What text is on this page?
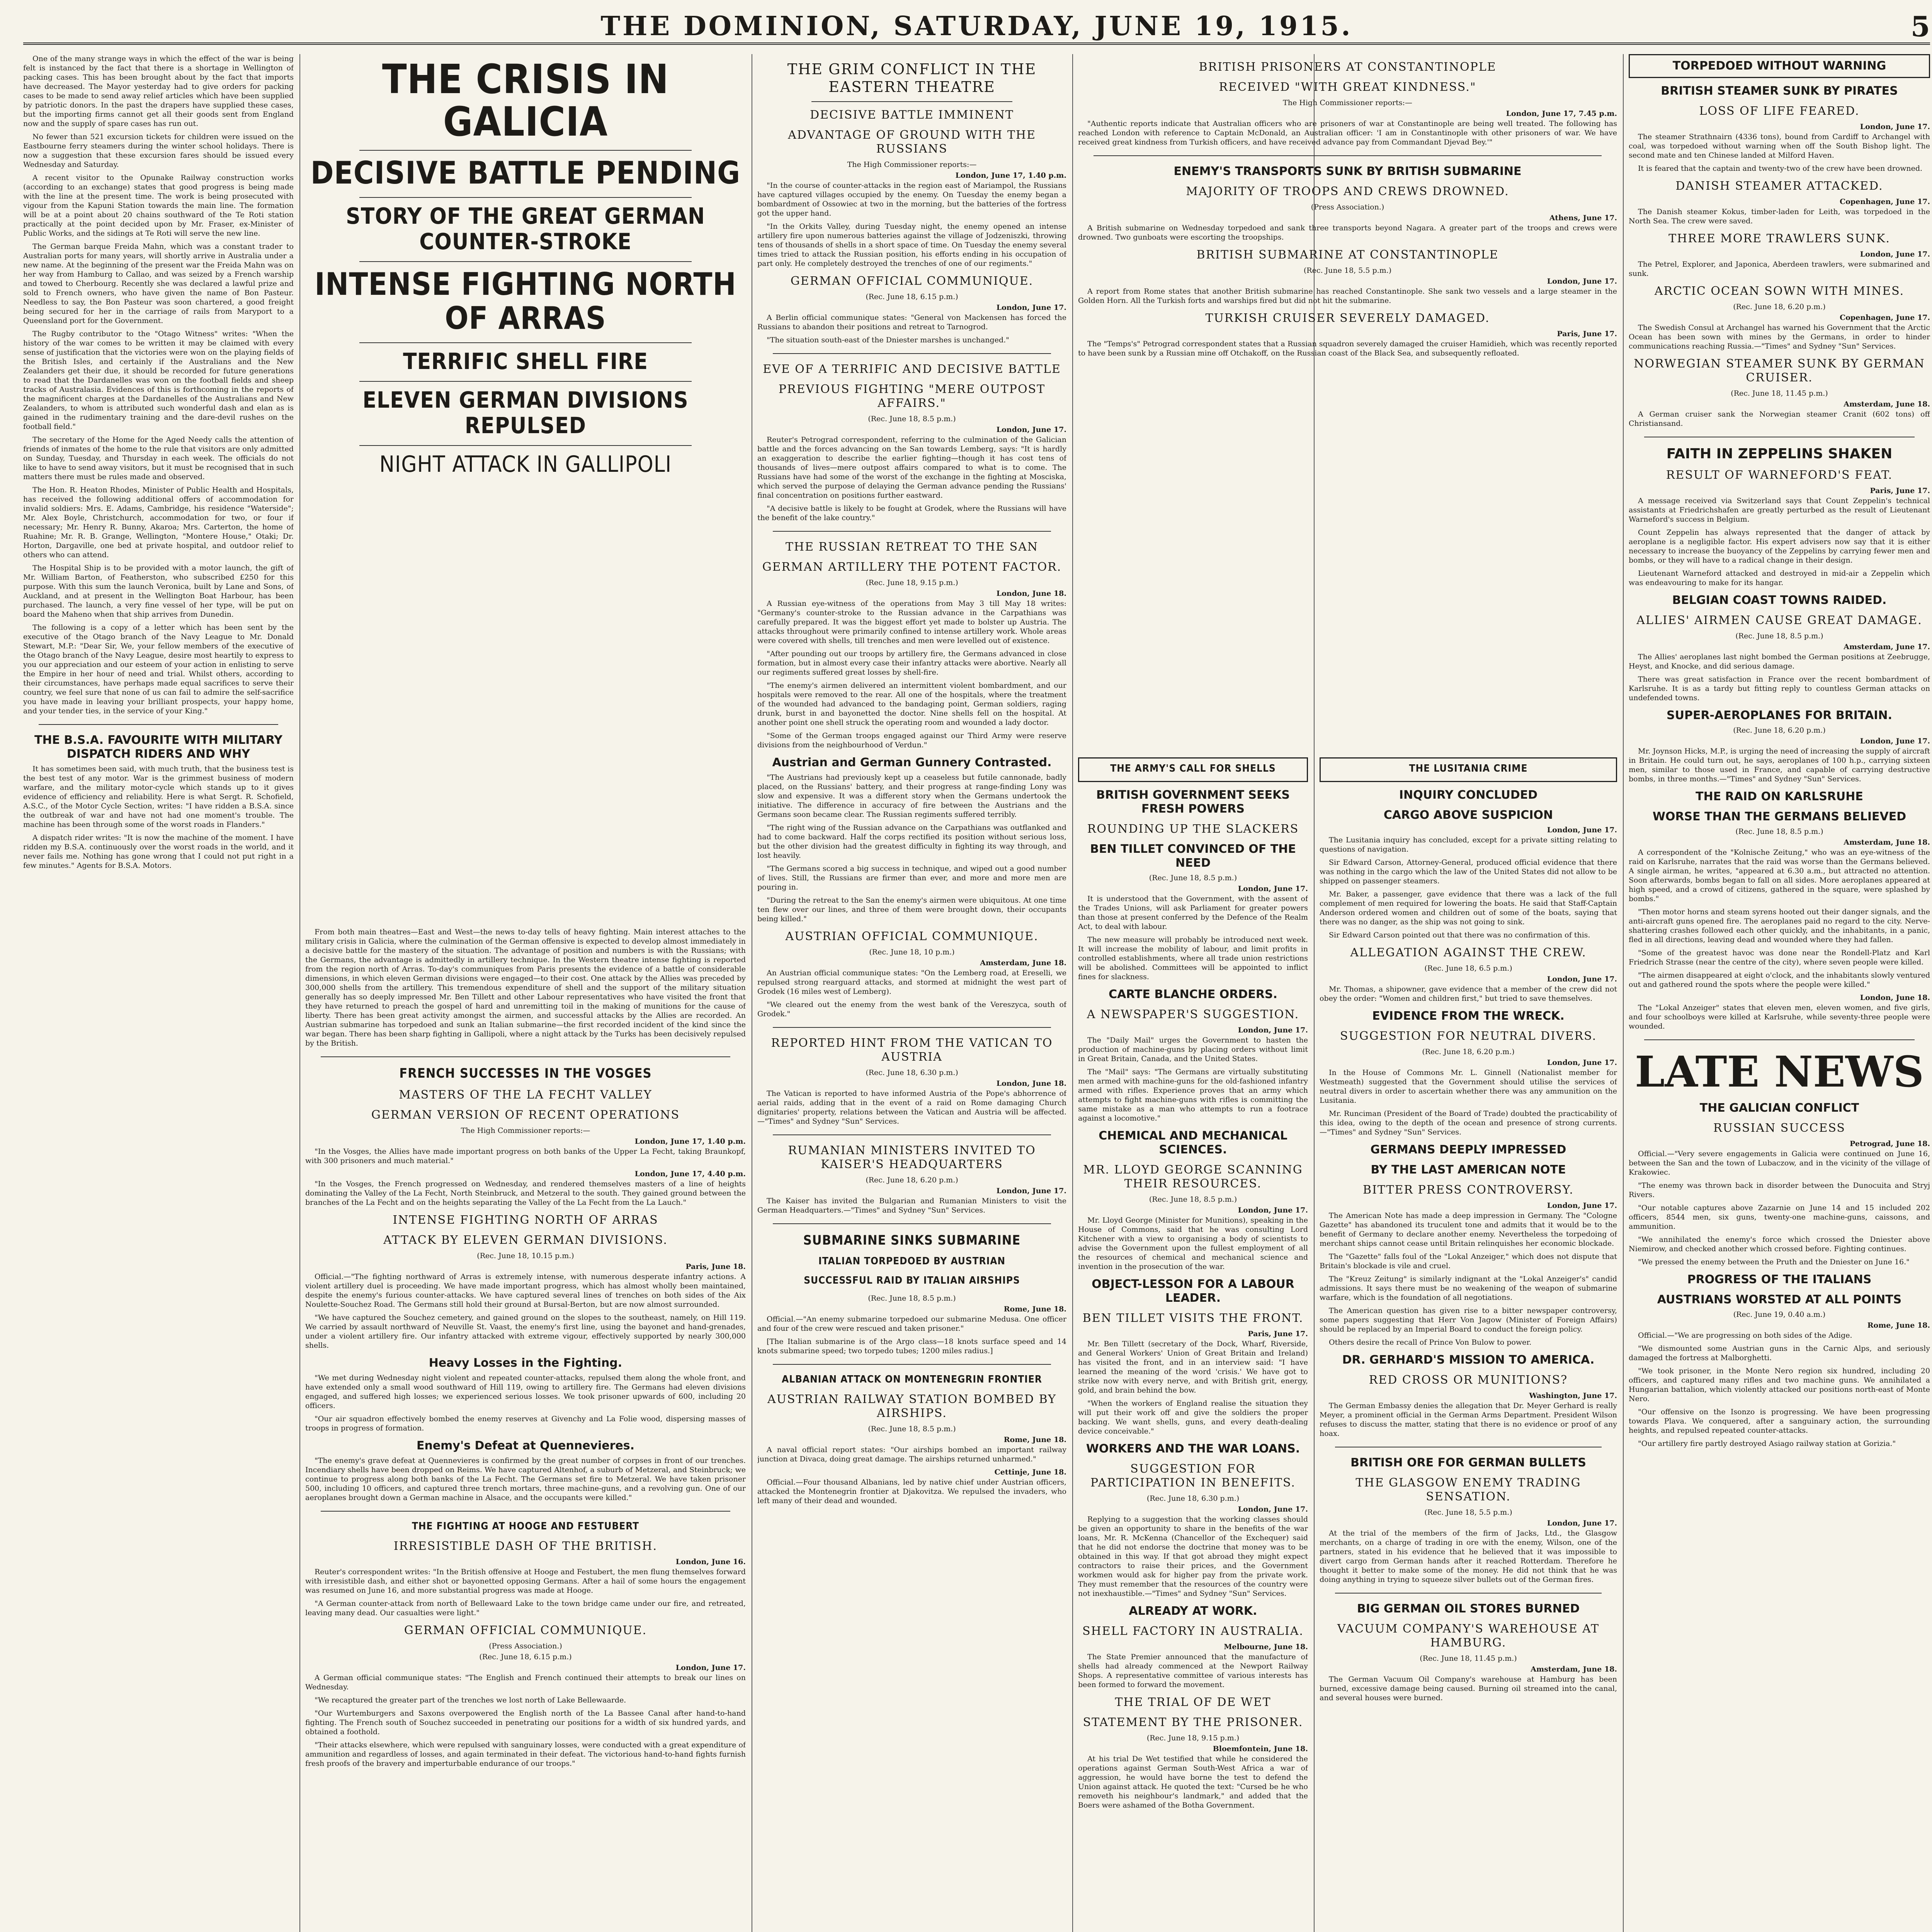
THE DOMINION, SATURDAY, JUNE 19, 1915.	5

One of the many strange ways in which the effect of the war is being felt is instanced by the fact that there is a shortage in Wellington of packing cases. This has been brought about by the fact that imports have decreased. The Mayor yesterday had to give orders for packing cases to be made to send away relief articles which have been supplied by patriotic donors. In the past the drapers have supplied these cases, but the importing firms cannot get all their goods sent from England now and the supply of spare cases has run out.

No fewer than 521 excursion tickets for children were issued on the Eastbourne ferry steamers during the winter school holidays. There is now a suggestion that these excursion fares should be issued every Wednesday and Saturday.

A recent visitor to the Opunake Railway construction works (according to an exchange) states that good progress is being made with the line at the present time. The work is being prosecuted with vigour from the Kapuni Station towards the main line. The formation will be at a point about 20 chains southward of the Te Roti station practically at the point decided upon by Mr. Fraser, ex-Minister of Public Works, and the sidings at Te Roti will serve the new line.

The German barque Freida Mahn, which was a constant trader to Australian ports for many years, will shortly arrive in Australia under a new name. At the beginning of the present war the Freida Mahn was on her way from Hamburg to Callao, and was seized by a French warship and towed to Cherbourg. Recently she was declared a lawful prize and sold to French owners, who have given the name of Bon Pasteur. Needless to say, the Bon Pasteur was soon chartered, a good freight being secured for her in the carriage of rails from Maryport to a Queensland port for the Government.

The Rugby contributor to the "Otago Witness" writes: "When the history of the war comes to be written it may be claimed with every sense of justification that the victories were won on the playing fields of the British Isles, and certainly if the Australians and the New Zealanders get their due, it should be recorded for future generations to read that the Dardanelles was won on the football fields and sheep tracks of Australasia. Evidences of this is forthcoming in the reports of the magnificent charges at the Dardanelles of the Australians and New Zealanders, to whom is attributed such wonderful dash and elan as is gained in the rudimentary training and the dare-devil rushes on the football field."

The secretary of the Home for the Aged Needy calls the attention of friends of inmates of the home to the rule that visitors are only admitted on Sunday, Tuesday, and Thursday in each week. The officials do not like to have to send away visitors, but it must be recognised that in such matters there must be rules made and observed.

The Hon. R. Heaton Rhodes, Minister of Public Health and Hospitals, has received the following additional offers of accommodation for invalid soldiers: Mrs. E. Adams, Cambridge, his residence "Waterside"; Mr. Alex Boyle, Christchurch, accommodation for two, or four if necessary; Mr. Henry R. Bunny, Akaroa; Mrs. Carterton, the home of Ruahine; Mr. R. B. Grange, Wellington, "Montere House," Otaki; Dr. Horton, Dargaville, one bed at private hospital, and outdoor relief to others who can attend.

The Hospital Ship is to be provided with a motor launch, the gift of Mr. William Barton, of Featherston, who subscribed £250 for this purpose. With this sum the launch Veronica, built by Lane and Sons, of Auckland, and at present in the Wellington Boat Harbour, has been purchased. The launch, a very fine vessel of her type, will be put on board the Maheno when that ship arrives from Dunedin.

The following is a copy of a letter which has been sent by the executive of the Otago branch of the Navy League to Mr. Donald Stewart, M.P.: "Dear Sir, We, your fellow members of the executive of the Otago branch of the Navy League, desire most heartily to express to you our appreciation and our esteem of your action in enlisting to serve the Empire in her hour of need and trial. Whilst others, according to their circumstances, have perhaps made equal sacrifices to serve their country, we feel sure that none of us can fail to admire the self-sacrifice you have made in leaving your brilliant prospects, your happy home, and your tender ties, in the service of your King."

THE B.S.A. FAVOURITE WITH MILITARY DISPATCH RIDERS AND WHY

It has sometimes been said, with much truth, that the business test is the best test of any motor. War is the grimmest business of modern warfare, and the military motor-cycle which stands up to it gives evidence of efficiency and reliability. Here is what Sergt. R. Schofield, A.S.C., of the Motor Cycle Section, writes: "I have ridden a B.S.A. since the outbreak of war and have not had one moment's trouble. The machine has been through some of the worst roads in Flanders."

A dispatch rider writes: "It is now the machine of the moment. I have ridden my B.S.A. continuously over the worst roads in the world, and it never fails me. Nothing has gone wrong that I could not put right in a few minutes." Agents for B.S.A. Motors.

THE CRISIS IN GALICIA
DECISIVE BATTLE PENDING
STORY OF THE GREAT GERMAN COUNTER-STROKE
INTENSE FIGHTING NORTH OF ARRAS
TERRIFIC SHELL FIRE
ELEVEN GERMAN DIVISIONS REPULSED
NIGHT ATTACK IN GALLIPOLI

From both main theatres—East and West—the news to-day tells of heavy fighting. Main interest attaches to the military crisis in Galicia, where the culmination of the German offensive is expected to develop almost immediately in a decisive battle for the mastery of the situation. The advantage of position and numbers is with the Russians; with the Germans, the advantage is admittedly in artillery technique. In the Western theatre intense fighting is reported from the region north of Arras. To-day's communiques from Paris presents the evidence of a battle of considerable dimensions, in which eleven German divisions were engaged—to their cost. One attack by the Allies was preceded by 300,000 shells from the artillery. This tremendous expenditure of shell and the support of the military situation generally has so deeply impressed Mr. Ben Tillett and other Labour representatives who have visited the front that they have returned to preach the gospel of hard and unremitting toil in the making of munitions for the cause of liberty. There has been great activity amongst the airmen, and successful attacks by the Allies are recorded. An Austrian submarine has torpedoed and sunk an Italian submarine—the first recorded incident of the kind since the war began. There has been sharp fighting in Gallipoli, where a night attack by the Turks has been decisively repulsed by the British.

FRENCH SUCCESSES IN THE VOSGES
MASTERS OF THE LA FECHT VALLEY
GERMAN VERSION OF RECENT OPERATIONS

The High Commissioner reports:—

London, June 17, 1.40 p.m.

"In the Vosges, the Allies have made important progress on both banks of the Upper La Fecht, taking Braunkopf, with 300 prisoners and much material."

London, June 17, 4.40 p.m.

"In the Vosges, the French progressed on Wednesday, and rendered themselves masters of a line of heights dominating the Valley of the La Fecht, North Steinbruck, and Metzeral to the south. They gained ground between the branches of the La Fecht and on the heights separating the Valley of the La Fecht from the La Lauch."

INTENSE FIGHTING NORTH OF ARRAS
ATTACK BY ELEVEN GERMAN DIVISIONS.

(Rec. June 18, 10.15 p.m.)

Paris, June 18.

Official.—"The fighting northward of Arras is extremely intense, with numerous desperate infantry actions. A violent artillery duel is proceeding. We have made important progress, which has almost wholly been maintained, despite the enemy's furious counter-attacks. We have captured several lines of trenches on both sides of the Aix Noulette-Souchez Road. The Germans still hold their ground at Bursal-Berton, but are now almost surrounded.

"We have captured the Souchez cemetery, and gained ground on the slopes to the southeast, namely, on Hill 119. We carried by assault northward of Neuville St. Vaast, the enemy's first line, using the bayonet and hand-grenades, under a violent artillery fire. Our infantry attacked with extreme vigour, effectively supported by nearly 300,000 shells.

Heavy Losses in the Fighting.

"We met during Wednesday night violent and repeated counter-attacks, repulsed them along the whole front, and have extended only a small wood southward of Hill 119, owing to artillery fire. The Germans had eleven divisions engaged, and suffered high losses; we experienced serious losses. We took prisoner upwards of 600, including 20 officers.

"Our air squadron effectively bombed the enemy reserves at Givenchy and La Folie wood, dispersing masses of troops in progress of formation.

Enemy's Defeat at Quennevieres.

"The enemy's grave defeat at Quennevieres is confirmed by the great number of corpses in front of our trenches. Incendiary shells have been dropped on Reims. We have captured Altenhof, a suburb of Metzeral, and Steinbruck; we continue to progress along both banks of the La Fecht. The Germans set fire to Metzeral. We have taken prisoner 500, including 10 officers, and captured three trench mortars, three machine-guns, and a revolving gun. One of our aeroplanes brought down a German machine in Alsace, and the occupants were killed."

THE FIGHTING AT HOOGE AND FESTUBERT
IRRESISTIBLE DASH OF THE BRITISH.

London, June 16.

Reuter's correspondent writes: "In the British offensive at Hooge and Festubert, the men flung themselves forward with irresistible dash, and either shot or bayonetted opposing Germans. After a hail of some hours the engagement was resumed on June 16, and more substantial progress was made at Hooge.

"A German counter-attack from north of Bellewaard Lake to the town bridge came under our fire, and retreated, leaving many dead. Our casualties were light."

GERMAN OFFICIAL COMMUNIQUE.

(Press Association.)

(Rec. June 18, 6.15 p.m.)

London, June 17.

A German official communique states: "The English and French continued their attempts to break our lines on Wednesday.

"We recaptured the greater part of the trenches we lost north of Lake Bellewaarde.

"Our Wurtemburgers and Saxons overpowered the English north of the La Bassee Canal after hand-to-hand fighting. The French south of Souchez succeeded in penetrating our positions for a width of six hundred yards, and obtained a foothold.

"Their attacks elsewhere, which were repulsed with sanguinary losses, were conducted with a great expenditure of ammunition and regardless of losses, and again terminated in their defeat. The victorious hand-to-hand fights furnish fresh proofs of the bravery and imperturbable endurance of our troops."

THE GRIM CONFLICT IN THE EASTERN THEATRE
DECISIVE BATTLE IMMINENT
ADVANTAGE OF GROUND WITH THE RUSSIANS

The High Commissioner reports:—

London, June 17, 1.40 p.m.

"In the course of counter-attacks in the region east of Mariampol, the Russians have captured villages occupied by the enemy. On Tuesday the enemy began a bombardment of Ossowiec at two in the morning, but the batteries of the fortress got the upper hand.

"In the Orkits Valley, during Tuesday night, the enemy opened an intense artillery fire upon numerous batteries against the village of Jodzeniszki, throwing tens of thousands of shells in a short space of time. On Tuesday the enemy several times tried to attack the Russian position, his efforts ending in his occupation of part only. He completely destroyed the trenches of one of our regiments."

GERMAN OFFICIAL COMMUNIQUE.

(Rec. June 18, 6.15 p.m.)

London, June 17.

A Berlin official communique states: "General von Mackensen has forced the Russians to abandon their positions and retreat to Tarnogrod.

"The situation south-east of the Dniester marshes is unchanged."

EVE OF A TERRIFIC AND DECISIVE BATTLE
PREVIOUS FIGHTING "MERE OUTPOST AFFAIRS."

(Rec. June 18, 8.5 p.m.)

London, June 17.

Reuter's Petrograd correspondent, referring to the culmination of the Galician battle and the forces advancing on the San towards Lemberg, says: "It is hardly an exaggeration to describe the earlier fighting—though it has cost tens of thousands of lives—mere outpost affairs compared to what is to come. The Russians have had some of the worst of the exchange in the fighting at Mosciska, which served the purpose of delaying the German advance pending the Russians' final concentration on positions further eastward.

"A decisive battle is likely to be fought at Grodek, where the Russians will have the benefit of the lake country."

THE RUSSIAN RETREAT TO THE SAN
GERMAN ARTILLERY THE POTENT FACTOR.

(Rec. June 18, 9.15 p.m.)

London, June 18.

A Russian eye-witness of the operations from May 3 till May 18 writes: "Germany's counter-stroke to the Russian advance in the Carpathians was carefully prepared. It was the biggest effort yet made to bolster up Austria. The attacks throughout were primarily confined to intense artillery work. Whole areas were covered with shells, till trenches and men were levelled out of existence.

"After pounding out our troops by artillery fire, the Germans advanced in close formation, but in almost every case their infantry attacks were abortive. Nearly all our regiments suffered great losses by shell-fire.

"The enemy's airmen delivered an intermittent violent bombardment, and our hospitals were removed to the rear. All one of the hospitals, where the treatment of the wounded had advanced to the bandaging point, German soldiers, raging drunk, burst in and bayonetted the doctor. Nine shells fell on the hospital. At another point one shell struck the operating room and wounded a lady doctor.

"Some of the German troops engaged against our Third Army were reserve divisions from the neighbourhood of Verdun."

Austrian and German Gunnery Contrasted.

"The Austrians had previously kept up a ceaseless but futile cannonade, badly placed, on the Russians' battery, and their progress at range-finding Lony was slow and expensive. It was a different story when the Germans undertook the initiative. The difference in accuracy of fire between the Austrians and the Germans soon became clear. The Russian regiments suffered terribly.

"The right wing of the Russian advance on the Carpathians was outflanked and had to come backward. Half the corps rectified its position without serious loss, but the other division had the greatest difficulty in fighting its way through, and lost heavily.

"The Germans scored a big success in technique, and wiped out a good number of lives. Still, the Russians are firmer than ever, and more and more men are pouring in.

"During the retreat to the San the enemy's airmen were ubiquitous. At one time ten flew over our lines, and three of them were brought down, their occupants being killed."

AUSTRIAN OFFICIAL COMMUNIQUE.

(Rec. June 18, 10 p.m.)

Amsterdam, June 18.

An Austrian official communique states: "On the Lemberg road, at Ereselli, we repulsed strong rearguard attacks, and stormed at midnight the west part of Grodek (16 miles west of Lemberg).

"We cleared out the enemy from the west bank of the Vereszyca, south of Grodek."

REPORTED HINT FROM THE VATICAN TO AUSTRIA

(Rec. June 18, 6.30 p.m.)

London, June 18.

The Vatican is reported to have informed Austria of the Pope's abhorrence of aerial raids, adding that in the event of a raid on Rome damaging Church dignitaries' property, relations between the Vatican and Austria will be affected.—"Times" and Sydney "Sun" Services.

RUMANIAN MINISTERS INVITED TO KAISER'S HEADQUARTERS

(Rec. June 18, 6.20 p.m.)

London, June 17.

The Kaiser has invited the Bulgarian and Rumanian Ministers to visit the German Headquarters.—"Times" and Sydney "Sun" Services.

SUBMARINE SINKS SUBMARINE
ITALIAN TORPEDOED BY AUSTRIAN
SUCCESSFUL RAID BY ITALIAN AIRSHIPS

(Rec. June 18, 8.5 p.m.)

Rome, June 18.

Official.—"An enemy submarine torpedoed our submarine Medusa. One officer and four of the crew were rescued and taken prisoner."

[The Italian submarine is of the Argo class—18 knots surface speed and 14 knots submarine speed; two torpedo tubes; 1200 miles radius.]

ALBANIAN ATTACK ON MONTENEGRIN FRONTIER
AUSTRIAN RAILWAY STATION BOMBED BY AIRSHIPS.

(Rec. June 18, 8.5 p.m.)

Rome, June 18.

A naval official report states: "Our airships bombed an important railway junction at Divaca, doing great damage. The airships returned unharmed."

Cettinje, June 18.

Official.—Four thousand Albanians, led by native chief under Austrian officers, attacked the Montenegrin frontier at Djakovitza. We repulsed the invaders, who left many of their dead and wounded.

BRITISH PRISONERS AT CONSTANTINOPLE
RECEIVED "WITH GREAT KINDNESS."

The High Commissioner reports:—

London, June 17, 7.45 p.m.

"Authentic reports indicate that Australian officers who are prisoners of war at Constantinople are being well treated. The following has reached London with reference to Captain McDonald, an Australian officer: 'I am in Constantinople with other prisoners of war. We have received great kindness from Turkish officers, and have received advance pay from Commandant Djevad Bey.'"

ENEMY'S TRANSPORTS SUNK BY BRITISH SUBMARINE
MAJORITY OF TROOPS AND CREWS DROWNED.

(Press Association.)

Athens, June 17.

A British submarine on Wednesday torpedoed and sank three transports beyond Nagara. A greater part of the troops and crews were drowned. Two gunboats were escorting the troopships.

BRITISH SUBMARINE AT CONSTANTINOPLE

(Rec. June 18, 5.5 p.m.)

London, June 17.

A report from Rome states that another British submarine has reached Constantinople. She sank two vessels and a large steamer in the Golden Horn. All the Turkish forts and warships fired but did not hit the submarine.

TURKISH CRUISER SEVERELY DAMAGED.

Paris, June 17.

The "Temps's" Petrograd correspondent states that a Russian squadron severely damaged the cruiser Hamidieh, which was recently reported to have been sunk by a Russian mine off Otchakoff, on the Russian coast of the Black Sea, and subsequently refloated.

THE ARMY'S CALL FOR SHELLS
BRITISH GOVERNMENT SEEKS FRESH POWERS
ROUNDING UP THE SLACKERS
BEN TILLET CONVINCED OF THE NEED

(Rec. June 18, 8.5 p.m.)

London, June 17.

It is understood that the Government, with the assent of the Trades Unions, will ask Parliament for greater powers than those at present conferred by the Defence of the Realm Act, to deal with labour.

The new measure will probably be introduced next week. It will increase the mobility of labour, and limit profits in controlled establishments, where all trade union restrictions will be abolished. Committees will be appointed to inflict fines for slackness.

CARTE BLANCHE ORDERS.
A NEWSPAPER'S SUGGESTION.

London, June 17.

The "Daily Mail" urges the Government to hasten the production of machine-guns by placing orders without limit in Great Britain, Canada, and the United States.

The "Mail" says: "The Germans are virtually substituting men armed with machine-guns for the old-fashioned infantry armed with rifles. Experience proves that an army which attempts to fight machine-guns with rifles is committing the same mistake as a man who attempts to run a footrace against a locomotive."

CHEMICAL AND MECHANICAL SCIENCES.
MR. LLOYD GEORGE SCANNING THEIR RESOURCES.

(Rec. June 18, 8.5 p.m.)

London, June 17.

Mr. Lloyd George (Minister for Munitions), speaking in the House of Commons, said that he was consulting Lord Kitchener with a view to organising a body of scientists to advise the Government upon the fullest employment of all the resources of chemical and mechanical science and invention in the prosecution of the war.

OBJECT-LESSON FOR A LABOUR LEADER.
BEN TILLET VISITS THE FRONT.

Paris, June 17.

Mr. Ben Tillett (secretary of the Dock, Wharf, Riverside, and General Workers' Union of Great Britain and Ireland) has visited the front, and in an interview said: "I have learned the meaning of the word 'crisis.' We have got to strike now with every nerve, and with British grit, energy, gold, and brain behind the bow.

"When the workers of England realise the situation they will put their work off and give the soldiers the proper backing. We want shells, guns, and every death-dealing device conceivable."

WORKERS AND THE WAR LOANS.
SUGGESTION FOR PARTICIPATION IN BENEFITS.

(Rec. June 18, 6.30 p.m.)

London, June 17.

Replying to a suggestion that the working classes should be given an opportunity to share in the benefits of the war loans, Mr. R. McKenna (Chancellor of the Exchequer) said that he did not endorse the doctrine that money was to be obtained in this way. If that got abroad they might expect contractors to raise their prices, and the Government workmen would ask for higher pay from the private work. They must remember that the resources of the country were not inexhaustible.—"Times" and Sydney "Sun" Services.

ALREADY AT WORK.
SHELL FACTORY IN AUSTRALIA.

Melbourne, June 18.

The State Premier announced that the manufacture of shells had already commenced at the Newport Railway Shops. A representative committee of various interests has been formed to forward the movement.

THE TRIAL OF DE WET
STATEMENT BY THE PRISONER.

(Rec. June 18, 9.15 p.m.)

Bloemfontein, June 18.

At his trial De Wet testified that while he considered the operations against German South-West Africa a war of aggression, he would have borne the test to defend the Union against attack. He quoted the text: "Cursed be he who removeth his neighbour's landmark," and added that the Boers were ashamed of the Botha Government.

THE LUSITANIA CRIME
INQUIRY CONCLUDED
CARGO ABOVE SUSPICION

London, June 17.

The Lusitania inquiry has concluded, except for a private sitting relating to questions of navigation.

Sir Edward Carson, Attorney-General, produced official evidence that there was nothing in the cargo which the law of the United States did not allow to be shipped on passenger steamers.

Mr. Baker, a passenger, gave evidence that there was a lack of the full complement of men required for lowering the boats. He said that Staff-Captain Anderson ordered women and children out of some of the boats, saying that there was no danger, as the ship was not going to sink.

Sir Edward Carson pointed out that there was no confirmation of this.

ALLEGATION AGAINST THE CREW.

(Rec. June 18, 6.5 p.m.)

London, June 17.

Mr. Thomas, a shipowner, gave evidence that a member of the crew did not obey the order: "Women and children first," but tried to save themselves.

EVIDENCE FROM THE WRECK.
SUGGESTION FOR NEUTRAL DIVERS.

(Rec. June 18, 6.20 p.m.)

London, June 17.

In the House of Commons Mr. L. Ginnell (Nationalist member for Westmeath) suggested that the Government should utilise the services of neutral divers in order to ascertain whether there was any ammunition on the Lusitania.

Mr. Runciman (President of the Board of Trade) doubted the practicability of this idea, owing to the depth of the ocean and presence of strong currents.—"Times" and Sydney "Sun" Services.

GERMANS DEEPLY IMPRESSED
BY THE LAST AMERICAN NOTE
BITTER PRESS CONTROVERSY.

London, June 17.

The American Note has made a deep impression in Germany. The "Cologne Gazette" has abandoned its truculent tone and admits that it would be to the benefit of Germany to declare another enemy. Nevertheless the torpedoing of merchant ships cannot cease until Britain relinquishes her economic blockade.

The "Gazette" falls foul of the "Lokal Anzeiger," which does not dispute that Britain's blockade is vile and cruel.

The "Kreuz Zeitung" is similarly indignant at the "Lokal Anzeiger's" candid admissions. It says there must be no weakening of the weapon of submarine warfare, which is the foundation of all negotiations.

The American question has given rise to a bitter newspaper controversy, some papers suggesting that Herr Von Jagow (Minister of Foreign Affairs) should be replaced by an Imperial Board to conduct the foreign policy.

Others desire the recall of Prince Von Bulow to power.

DR. GERHARD'S MISSION TO AMERICA.
RED CROSS OR MUNITIONS?

Washington, June 17.

The German Embassy denies the allegation that Dr. Meyer Gerhard is really Meyer, a prominent official in the German Arms Department. President Wilson refuses to discuss the matter, stating that there is no evidence or proof of any hoax.

BRITISH ORE FOR GERMAN BULLETS
THE GLASGOW ENEMY TRADING SENSATION.

(Rec. June 18, 5.5 p.m.)

London, June 17.

At the trial of the members of the firm of Jacks, Ltd., the Glasgow merchants, on a charge of trading in ore with the enemy, Wilson, one of the partners, stated in his evidence that he believed that it was impossible to divert cargo from German hands after it reached Rotterdam. Therefore he thought it better to make some of the money. He did not think that he was doing anything in trying to squeeze silver bullets out of the German fires.

BIG GERMAN OIL STORES BURNED
VACUUM COMPANY'S WAREHOUSE AT HAMBURG.

(Rec. June 18, 11.45 p.m.)

Amsterdam, June 18.

The German Vacuum Oil Company's warehouse at Hamburg has been burned, excessive damage being caused. Burning oil streamed into the canal, and several houses were burned.

TORPEDOED WITHOUT WARNING
BRITISH STEAMER SUNK BY PIRATES
LOSS OF LIFE FEARED.

London, June 17.

The steamer Strathnairn (4336 tons), bound from Cardiff to Archangel with coal, was torpedoed without warning when off the South Bishop light. The second mate and ten Chinese landed at Milford Haven.

It is feared that the captain and twenty-two of the crew have been drowned.

DANISH STEAMER ATTACKED.

Copenhagen, June 17.

The Danish steamer Kokus, timber-laden for Leith, was torpedoed in the North Sea. The crew were saved.

THREE MORE TRAWLERS SUNK.

London, June 17.

The Petrel, Explorer, and Japonica, Aberdeen trawlers, were submarined and sunk.

ARCTIC OCEAN SOWN WITH MINES.

(Rec. June 18, 6.20 p.m.)

Copenhagen, June 17.

The Swedish Consul at Archangel has warned his Government that the Arctic Ocean has been sown with mines by the Germans, in order to hinder communications reaching Russia.—"Times" and Sydney "Sun" Services.

NORWEGIAN STEAMER SUNK BY GERMAN CRUISER.

(Rec. June 18, 11.45 p.m.)

Amsterdam, June 18.

A German cruiser sank the Norwegian steamer Cranit (602 tons) off Christiansand.

FAITH IN ZEPPELINS SHAKEN
RESULT OF WARNEFORD'S FEAT.

Paris, June 17.

A message received via Switzerland says that Count Zeppelin's technical assistants at Friedrichshafen are greatly perturbed as the result of Lieutenant Warneford's success in Belgium.

Count Zeppelin has always represented that the danger of attack by aeroplane is a negligible factor. His expert advisers now say that it is either necessary to increase the buoyancy of the Zeppelins by carrying fewer men and bombs, or they will have to a radical change in their design.

Lieutenant Warneford attacked and destroyed in mid-air a Zeppelin which was endeavouring to make for its hangar.

BELGIAN COAST TOWNS RAIDED.
ALLIES' AIRMEN CAUSE GREAT DAMAGE.

(Rec. June 18, 8.5 p.m.)

Amsterdam, June 17.

The Allies' aeroplanes last night bombed the German positions at Zeebrugge, Heyst, and Knocke, and did serious damage.

There was great satisfaction in France over the recent bombardment of Karlsruhe. It is as a tardy but fitting reply to countless German attacks on undefended towns.

SUPER-AEROPLANES FOR BRITAIN.

(Rec. June 18, 6.20 p.m.)

London, June 17.

Mr. Joynson Hicks, M.P., is urging the need of increasing the supply of aircraft in Britain. He could turn out, he says, aeroplanes of 100 h.p., carrying sixteen men, similar to those used in France, and capable of carrying destructive bombs, in three months.—"Times" and Sydney "Sun" Services.

THE RAID ON KARLSRUHE
WORSE THAN THE GERMANS BELIEVED

(Rec. June 18, 8.5 p.m.)

Amsterdam, June 18.

A correspondent of the "Kolnische Zeitung," who was an eye-witness of the raid on Karlsruhe, narrates that the raid was worse than the Germans believed. A single airman, he writes, "appeared at 6.30 a.m., but attracted no attention. Soon afterwards, bombs began to fall on all sides. More aeroplanes appeared at high speed, and a crowd of citizens, gathered in the square, were splashed by bombs."

"Then motor horns and steam syrens hooted out their danger signals, and the anti-aircraft guns opened fire. The aeroplanes paid no regard to the city. Nerve-shattering crashes followed each other quickly, and the inhabitants, in a panic, fled in all directions, leaving dead and wounded where they had fallen.

"Some of the greatest havoc was done near the Rondell-Platz and Karl Friedrich Strasse (near the centre of the city), where seven people were killed.

"The airmen disappeared at eight o'clock, and the inhabitants slowly ventured out and gathered round the spots where the people were killed."

London, June 18.

The "Lokal Anzeiger" states that eleven men, eleven women, and five girls, and four schoolboys were killed at Karlsruhe, while seventy-three people were wounded.

LATE NEWS
THE GALICIAN CONFLICT
RUSSIAN SUCCESS

Petrograd, June 18.

Official.—"Very severe engagements in Galicia were continued on June 16, between the San and the town of Lubaczow, and in the vicinity of the village of Krakowiec.

"The enemy was thrown back in disorder between the Dunocuita and Stryj Rivers.

"Our notable captures above Zazarnie on June 14 and 15 included 202 officers, 8544 men, six guns, twenty-one machine-guns, caissons, and ammunition.

"We annihilated the enemy's force which crossed the Dniester above Niemirow, and checked another which crossed before. Fighting continues.

"We pressed the enemy between the Pruth and the Dniester on June 16."

PROGRESS OF THE ITALIANS
AUSTRIANS WORSTED AT ALL POINTS

(Rec. June 19, 0.40 a.m.)

Rome, June 18.

Official.—"We are progressing on both sides of the Adige.

"We dismounted some Austrian guns in the Carnic Alps, and seriously damaged the fortress at Malborghetti.

"We took prisoner, in the Monte Nero region six hundred, including 20 officers, and captured many rifles and two machine guns. We annihilated a Hungarian battalion, which violently attacked our positions north-east of Monte Nero.

"Our offensive on the Isonzo is progressing. We have been progressing towards Plava. We conquered, after a sanguinary action, the surrounding heights, and repulsed repeated counter-attacks.

"Our artillery fire partly destroyed Asiago railway station at Gorizia."
